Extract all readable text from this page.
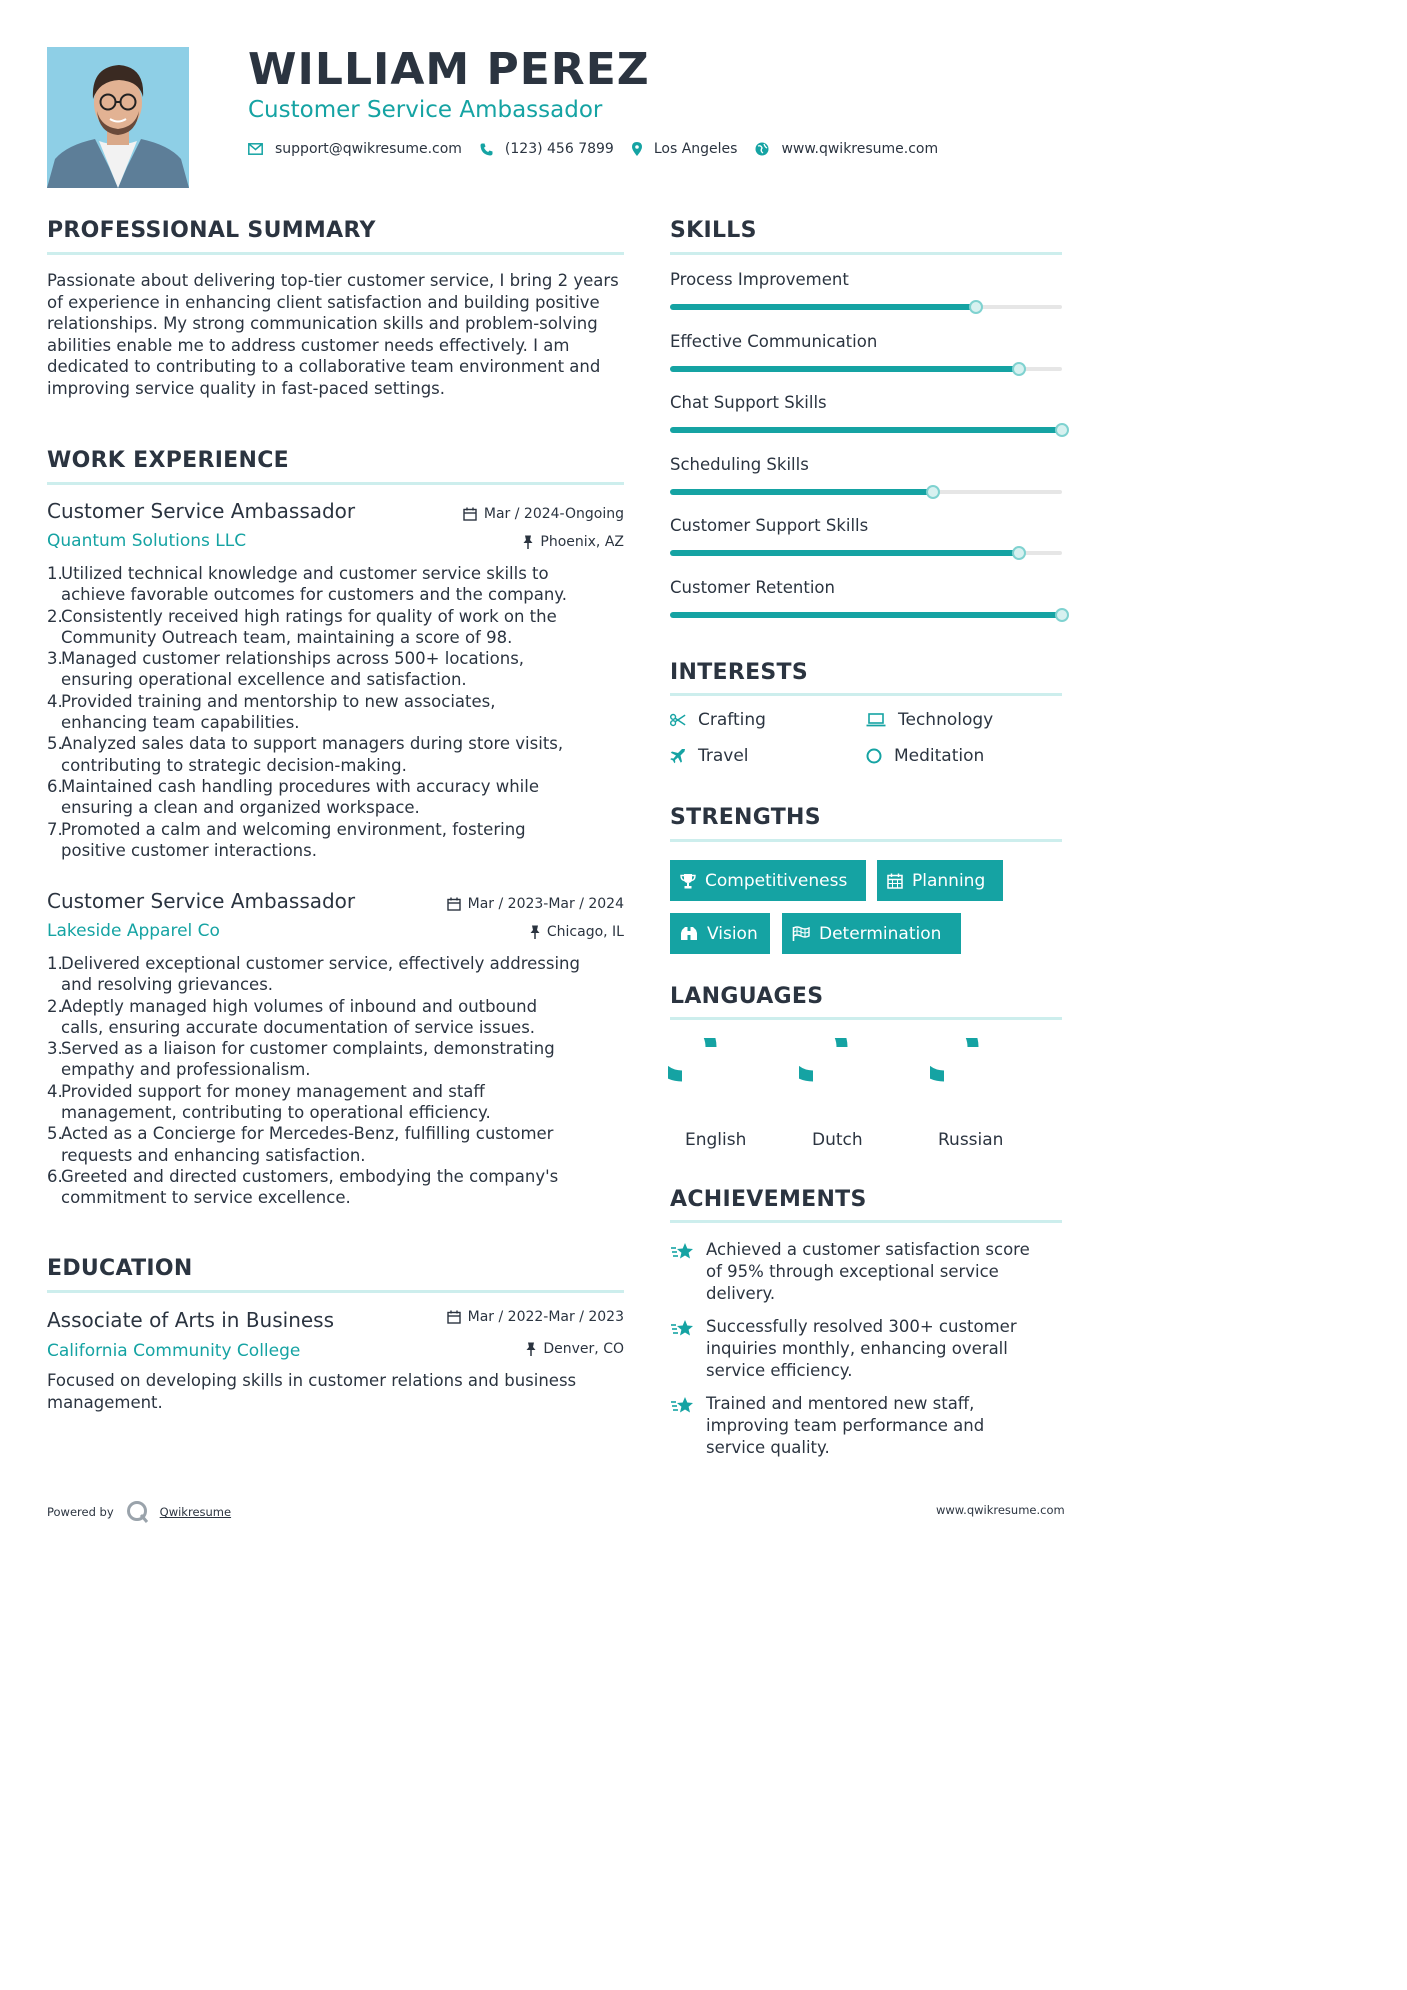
WILLIAM PEREZ
Customer Service Ambassador
support@qwikresume.com	(123) 456 7899	Los Angeles	www.qwikresume.com
PROFESSIONAL SUMMARY
Passionate about delivering top-tier customer service, I bring 2 years of experience in enhancing client satisfaction and building positive relationships. My strong communication skills and problem-solving abilities enable me to address customer needs effectively. I am dedicated to contributing to a collaborative team environment and improving service quality in fast-paced settings.
WORK EXPERIENCE
Customer Service Ambassador
Quantum Solutions LLC
Mar / 2024-Ongoing
Phoenix, AZ
1.
Utilized technical knowledge and customer service skills to
achieve favorable outcomes for customers and the company.
2.
Consistently received high ratings for quality of work on the
Community Outreach team, maintaining a score of 98.
3.
Managed customer relationships across 500+ locations,
ensuring operational excellence and satisfaction.
4.
Provided training and mentorship to new associates,
enhancing team capabilities.
5.
Analyzed sales data to support managers during store visits,
contributing to strategic decision-making.
6.
Maintained cash handling procedures with accuracy while
ensuring a clean and organized workspace.
7.
Promoted a calm and welcoming environment, fostering
positive customer interactions.
Customer Service Ambassador
Lakeside Apparel Co
Mar / 2023-Mar / 2024
Chicago, IL
1.
Delivered exceptional customer service, effectively addressing
and resolving grievances.
2.
Adeptly managed high volumes of inbound and outbound
calls, ensuring accurate documentation of service issues.
3.
Served as a liaison for customer complaints, demonstrating
empathy and professionalism.
4.
Provided support for money management and staff
management, contributing to operational efficiency.
5.
Acted as a Concierge for Mercedes-Benz, fulfilling customer
requests and enhancing satisfaction.
6.
Greeted and directed customers, embodying the company's
commitment to service excellence.
EDUCATION
Associate of Arts in Business
California Community College
Mar / 2022-Mar / 2023
Denver, CO
Focused on developing skills in customer relations and business management.
SKILLS
Process Improvement
Effective Communication
Chat Support Skills
Scheduling Skills
Customer Support Skills
Customer Retention
INTERESTS
Crafting	Technology
Travel	Meditation
STRENGTHS
Competitiveness	Planning
Vision	Determination
LANGUAGES
English	Dutch	Russian
ACHIEVEMENTS
Achieved a customer satisfaction score
of 95% through exceptional service
delivery.
Successfully resolved 300+ customer
inquiries monthly, enhancing overall
service efficiency.
Trained and mentored new staff,
improving team performance and
service quality.
Powered by	Qwikresume	www.qwikresume.com
